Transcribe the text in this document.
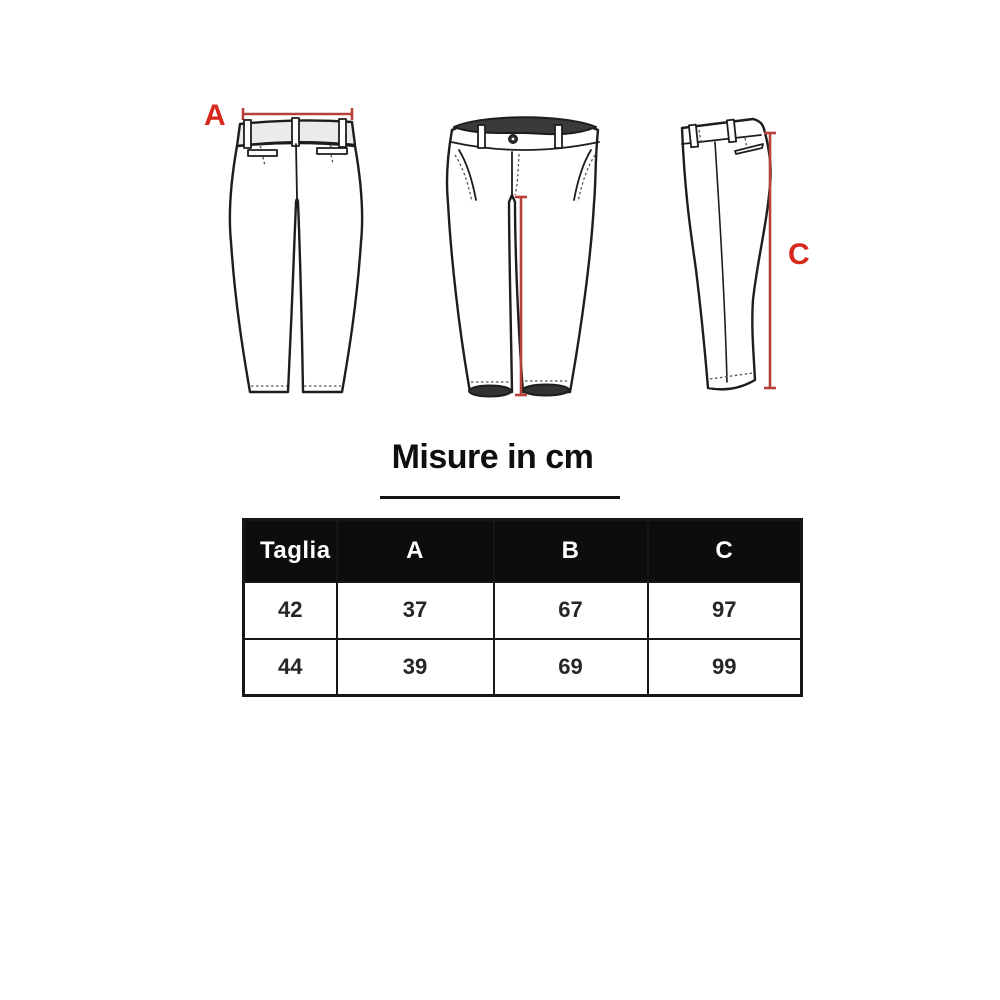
A
C
Misure in cm
Taglia	A	B	C
42	37	67	97
44	39	69	99
